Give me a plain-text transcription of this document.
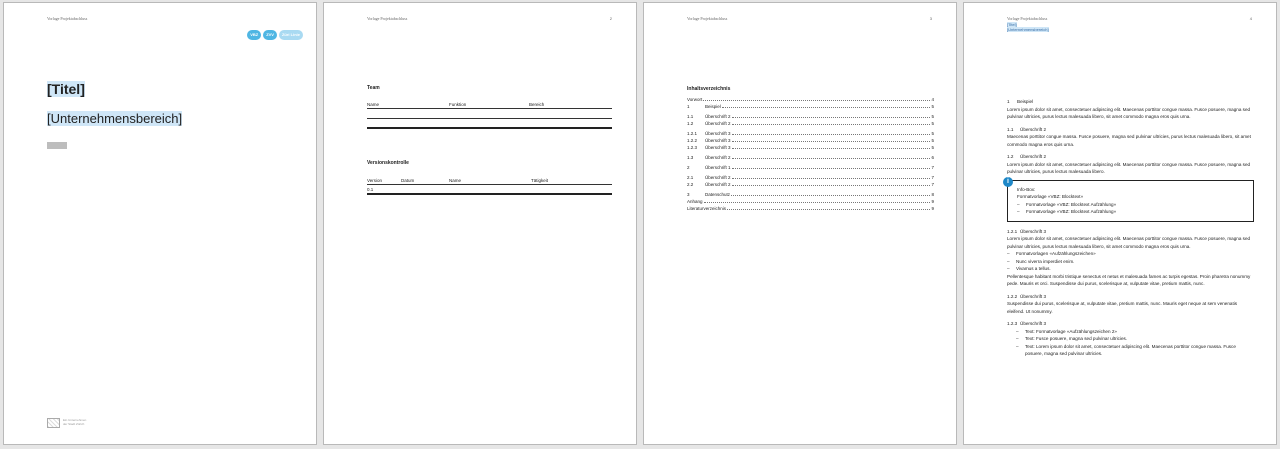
Vorlage Projektabschluss
VBZ	ZVV	Züri Linie
[Titel]
[Unternehmensbereich]
Ein Unternehmen
der Stadt Zürich
Vorlage Projektabschluss	2
Team
Name	Funktion	Bereich
Versionskontrolle
Version	Datum	Name	Tätigkeit
0.1
Vorlage Projektabschluss	3
Inhaltsverzeichnis
Vorwort	4
1	Beispiel	5
1.1	Überschrift 2	5
1.2	Überschrift 2	5
1.2.1	Überschrift 3	5
1.2.2	Überschrift 3	5
1.2.3	Überschrift 3	5
1.3	Überschrift 2	6
2	Überschrift 1	7
2.1	Überschrift 2	7
2.2	Überschrift 2	7
3	Datenschutz	8
Anhang	9
Literaturverzeichnis	9
Vorlage Projektabschluss	4
[Titel]
[Unternehmensbereich]
1 Beispiel

Lorem ipsum dolor sit amet, consectetuer adipiscing elit. Maecenas porttitor congue massa. Fusce posuere, magna sed pulvinar ultricies, purus lectus malesuada libero, sit amet commodo magna eros quis urna.

1.1 Überschrift 2

Maecenas porttitor congue massa. Fusce posuere, magna sed pulvinar ultricies, purus lectus malesuada libero, sit amet commodo magna eros quis urna.

1.2 Überschrift 2

Lorem ipsum dolor sit amet, consectetuer adipiscing elit. Maecenas porttitor congue massa. Fusce posuere, magna sed pulvinar ultricies, purus lectus malesuada libero.

i
Info-Box:
Formatvorlage «VBZ: Blocktext»
– Formatvorlage «VBZ: Blocktext Aufzählung»
– Formatvorlage «VBZ: Blocktext Aufzählung»
1.2.1 Überschrift 3

Lorem ipsum dolor sit amet, consectetuer adipiscing elit. Maecenas porttitor congue massa. Fusce posuere, magna sed pulvinar ultricies, purus lectus malesuada libero, sit amet commodo magna eros quis urna.

– Formatvorlagen «Aufzählungszeichen»
– Nunc viverra imperdiet enim.
– Vivamus a tellus.

Pellentesque habitant morbi tristique senectus et netus et malesuada fames ac turpis egestas. Proin pharetra nonummy pede. Mauris et orci. Suspendisse dui purus, scelerisque at, vulputate vitae, pretium mattis, nunc.

1.2.2 Überschrift 3

Suspendisse dui purus, scelerisque at, vulputate vitae, pretium mattis, nunc. Mauris eget neque at sem venenatis eleifend. Ut nonummy.

1.2.3 Überschrift 3
– Text: Formatvorlage «Aufzählungszeichen 2»
– Text: Fusce posuere, magna sed pulvinar ultricies.
– Text: Lorem ipsum dolor sit amet, consectetuer adipiscing elit. Maecenas porttitor congue massa. Fusce posuere, magna sed pulvinar ultricies.
